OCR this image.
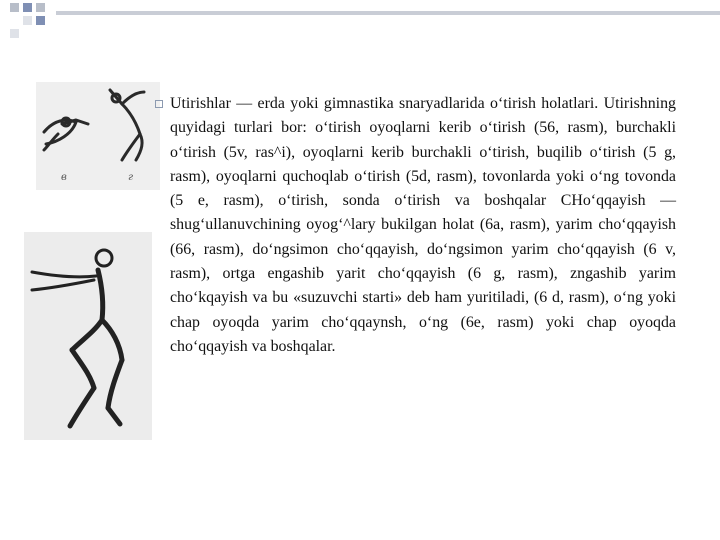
в	г

Utirishlar — erda yoki gimnastika snaryadlarida o‘tirish holatlari. Utirishning quyidagi turlari bor: o‘tirish oyoqlarni kerib o‘tirish (56, rasm), burchakli o‘tirish (5v, ras^i), oyoqlarni kerib burchakli o‘tirish, buqilib o‘tirish (5 g, rasm), oyoqlarni quchoqlab o‘tirish (5d, rasm), tovonlarda yoki o‘ng tovonda (5 e, rasm), o‘tirish, sonda o‘tirish va boshqalar CHo‘qqayish — shug‘ullanuvchining oyog‘^lary bukilgan holat (6a, rasm), yarim cho‘qqayish (66, rasm), do‘ngsimon cho‘qqayish, do‘ngsimon yarim cho‘qqayish (6 v, rasm), ortga engashib yarit cho‘qqayish (6 g, rasm), zngashib yarim cho‘kqayish va bu «suzuvchi starti» deb ham yuritiladi, (6 d, rasm), o‘ng yoki chap oyoqda yarim cho‘qqaynsh, o‘ng (6e, rasm) yoki chap oyoqda cho‘qqayish va boshqalar.
